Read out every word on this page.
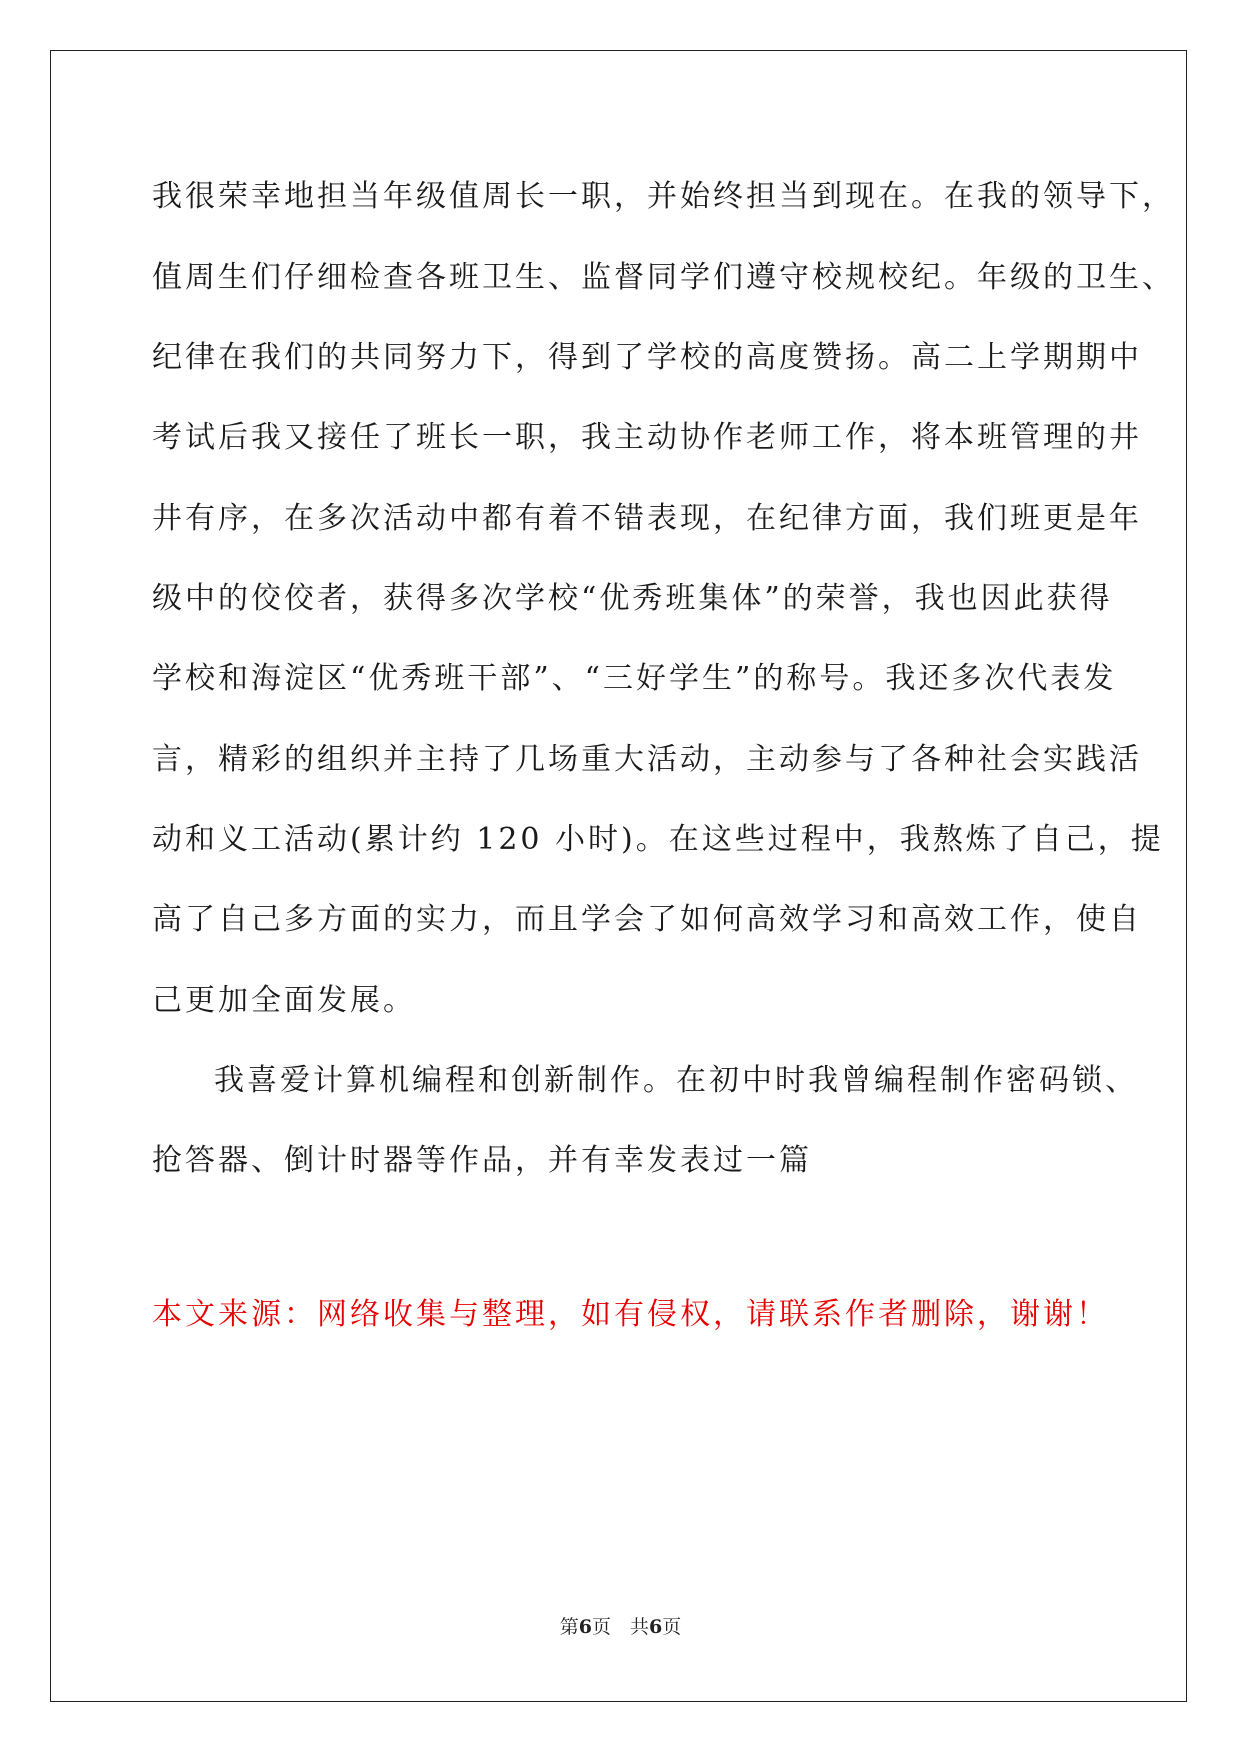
我很荣幸地担当年级值周长一职，并始终担当到现在。在我的领导下，
值周生们仔细检查各班卫生、监督同学们遵守校规校纪。年级的卫生、
纪律在我们的共同努力下，得到了学校的高度赞扬。高二上学期期中
考试后我又接任了班长一职，我主动协作老师工作，将本班管理的井
井有序，在多次活动中都有着不错表现，在纪律方面，我们班更是年
级中的佼佼者，获得多次学校“优秀班集体”的荣誉，我也因此获得
学校和海淀区“优秀班干部”、“三好学生”的称号。我还多次代表发
言，精彩的组织并主持了几场重大活动，主动参与了各种社会实践活
动和义工活动(累计约 120 小时)。在这些过程中，我熬炼了自己，提
高了自己多方面的实力，而且学会了如何高效学习和高效工作，使自
己更加全面发展。
我喜爱计算机编程和创新制作。在初中时我曾编程制作密码锁、
抢答器、倒计时器等作品，并有幸发表过一篇
本文来源：网络收集与整理，如有侵权，请联系作者删除，谢谢！
第6页　共6页
